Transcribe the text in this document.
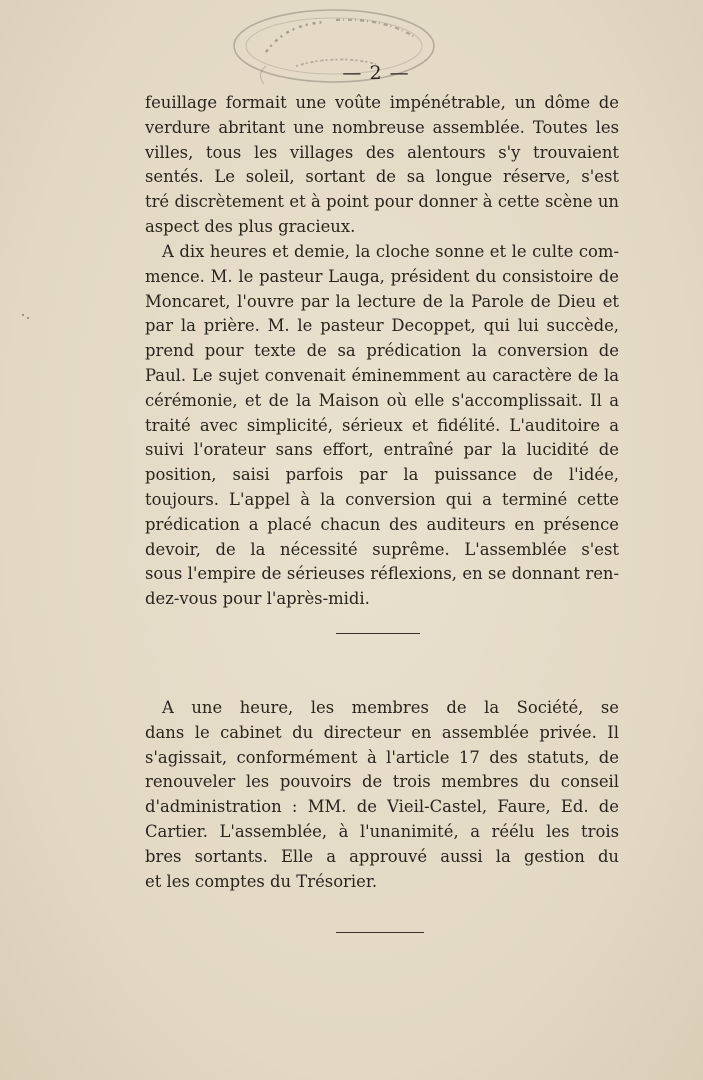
— 2 —
feuillage formait une voûte impénétrable, un dôme de
verdure abritant une nombreuse assemblée. Toutes les
villes, tous les villages des alentours s'y trouvaient
sentés. Le soleil, sortant de sa longue réserve, s'est
tré discrètement et à point pour donner à cette scène un
aspect des plus gracieux.
A dix heures et demie, la cloche sonne et le culte com-
mence. M. le pasteur Lauga, président du consistoire de
Moncaret, l'ouvre par la lecture de la Parole de Dieu et
par la prière. M. le pasteur Decoppet, qui lui succède,
prend pour texte de sa prédication la conversion de
Paul. Le sujet convenait éminemment au caractère de la
cérémonie, et de la Maison où elle s'accomplissait. Il a
traité avec simplicité, sérieux et fidélité. L'auditoire a
suivi l'orateur sans effort, entraîné par la lucidité de
position, saisi parfois par la puissance de l'idée,
toujours. L'appel à la conversion qui a terminé cette
prédication a placé chacun des auditeurs en présence
devoir, de la nécessité suprême. L'assemblée s'est
sous l'empire de sérieuses réflexions, en se donnant ren-
dez-vous pour l'après-midi.
A une heure, les membres de la Société, se
dans le cabinet du directeur en assemblée privée. Il
s'agissait, conformément à l'article 17 des statuts, de
renouveler les pouvoirs de trois membres du conseil
d'administration : MM. de Vieil-Castel, Faure, Ed. de
Cartier. L'assemblée, à l'unanimité, a réélu les trois
bres sortants. Elle a approuvé aussi la gestion du
et les comptes du Trésorier.
